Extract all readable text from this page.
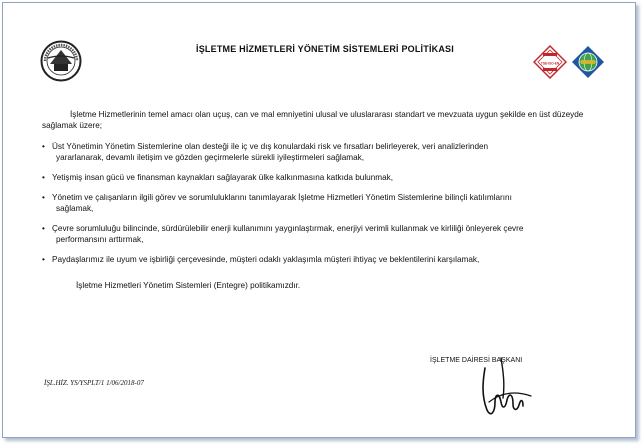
TSE-ISO-EN
İŞLETME HİZMETLERİ YÖNETİM SİSTEMLERİ POLİTİKASI

İşletme Hizmetlerinin temel amacı olan uçuş, can ve mal emniyetini ulusal ve uluslararası standart ve mevzuata uygun şekilde en üst düzeyde sağlamak üzere;

• Üst Yönetimin Yönetim Sistemlerine olan desteği ile iç ve dış konulardaki risk ve fırsatları belirleyerek, veri analizlerinden
yararlanarak, devamlı iletişim ve gözden geçirmelerle sürekli iyileştirmeleri sağlamak,
• Yetişmiş insan gücü ve finansman kaynakları sağlayarak ülke kalkınmasına katkıda bulunmak,
• Yönetim ve çalışanların ilgili görev ve sorumluluklarını tanımlayarak İşletme Hizmetleri Yönetim Sistemlerine bilinçli katılımlarını
sağlamak,
• Çevre sorumluluğu bilincinde, sürdürülebilir enerji kullanımını yaygınlaştırmak, enerjiyi verimli kullanmak ve kirliliği önleyerek çevre
performansını arttırmak,
• Paydaşlarımız ile uyum ve işbirliği çerçevesinde, müşteri odaklı yaklaşımla müşteri ihtiyaç ve beklentilerini karşılamak,
İşletme Hizmetleri Yönetim Sistemleri (Entegre) politikamızdır.
İŞLETME DAİRESİ BAŞKANI
İŞL.HİZ. YS/YSPLT/1 1/06/2018-07
